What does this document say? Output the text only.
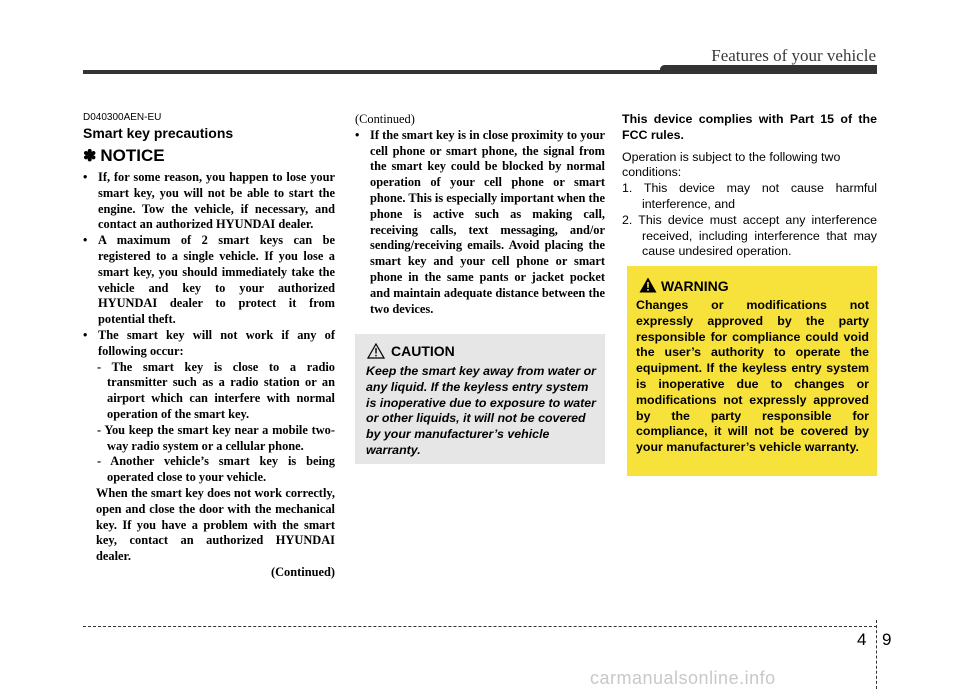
Features of your vehicle
D040300AEN-EU
Smart key precautions
✽ NOTICE
• If, for some reason, you happen to lose your smart key, you will not be able to start the engine. Tow the vehicle, if necessary, and contact an authorized HYUNDAI dealer.
• A maximum of 2 smart keys can be registered to a single vehicle. If you lose a smart key, you should immediately take the vehicle and key to your authorized HYUNDAI dealer to protect it from potential theft.
• The smart key will not work if any of following occur:
- The smart key is close to a radio transmitter such as a radio station or an airport which can interfere with normal operation of the smart key.
- You keep the smart key near a mobile two-way radio system or a cellular phone.
- Another vehicle’s smart key is being operated close to your vehicle.
When the smart key does not work correctly, open and close the door with the mechanical key. If you have a problem with the smart key, contact an authorized HYUNDAI dealer.
(Continued)
(Continued)
• If the smart key is in close proximity to your cell phone or smart phone, the signal from the smart key could be blocked by normal operation of your cell phone or smart phone. This is especially important when the phone is active such as making call, receiving calls, text messaging, and/or sending/receiving emails. Avoid placing the smart key and your cell phone or smart phone in the same pants or jacket pocket and maintain adequate distance between the two devices.
CAUTION
Keep the smart key away from water or any liquid. If the keyless entry system is inoperative due to exposure to water or other liquids, it will not be covered by your manufacturer’s vehicle warranty.

This device complies with Part 15 of the FCC rules.

Operation is subject to the following two conditions:

1. This device may not cause harmful interference, and

2. This device must accept any interference received, including interference that may cause undesired operation.

WARNING
Changes or modifications not expressly approved by the party responsible for compliance could void the user’s authority to operate the equipment. If the keyless entry system is inoperative due to changes or modifications not expressly approved by the party responsible for compliance, it will not be covered by your manufacturer’s vehicle warranty.
4 9
carmanualsonline.info
